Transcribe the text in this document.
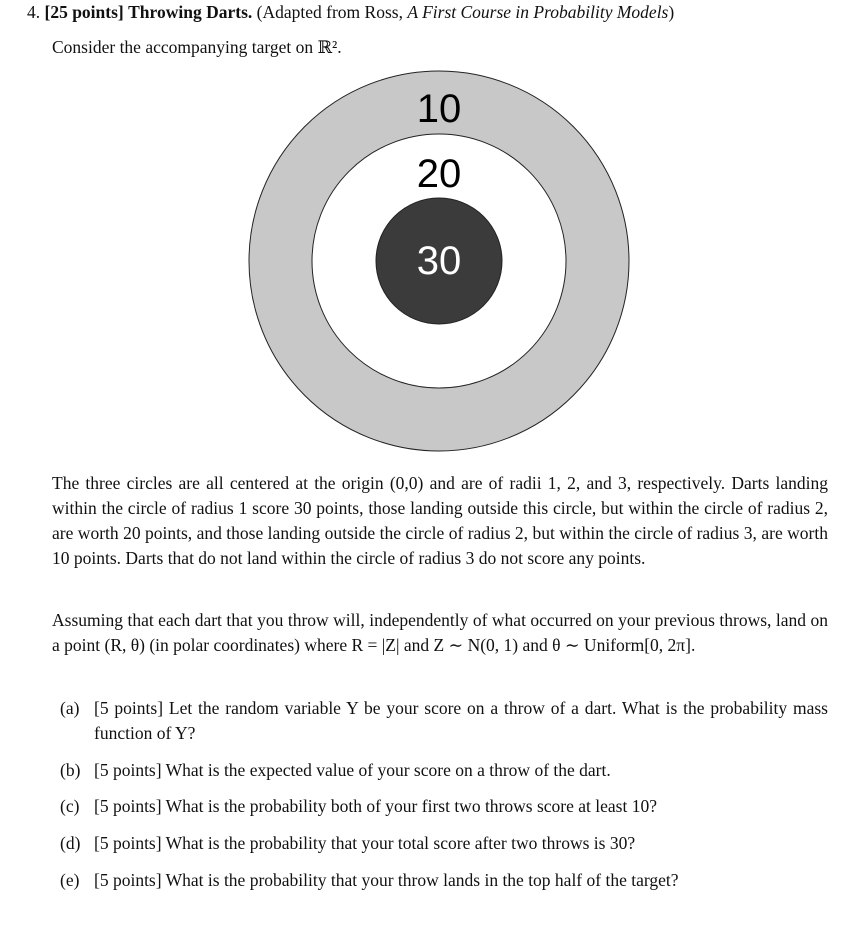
4. [25 points] Throwing Darts. (Adapted from Ross, A First Course in Probability Models)
Consider the accompanying target on ℝ².
10
20
30
The three circles are all centered at the origin (0,0) and are of radii 1, 2, and 3, respectively. Darts landing within the circle of radius 1 score 30 points, those landing outside this circle, but within the circle of radius 2, are worth 20 points, and those landing outside the circle of radius 2, but within the circle of radius 3, are worth 10 points. Darts that do not land within the circle of radius 3 do not score any points.
Assuming that each dart that you throw will, independently of what occurred on your previous throws, land on a point (R, θ) (in polar coordinates) where R = |Z| and Z ∼ N(0, 1) and θ ∼ Uniform[0, 2π].
(a) [5 points] Let the random variable Y be your score on a throw of a dart. What is the probability mass function of Y?
(b) [5 points] What is the expected value of your score on a throw of the dart.
(c) [5 points] What is the probability both of your first two throws score at least 10?
(d) [5 points] What is the probability that your total score after two throws is 30?
(e) [5 points] What is the probability that your throw lands in the top half of the target?
